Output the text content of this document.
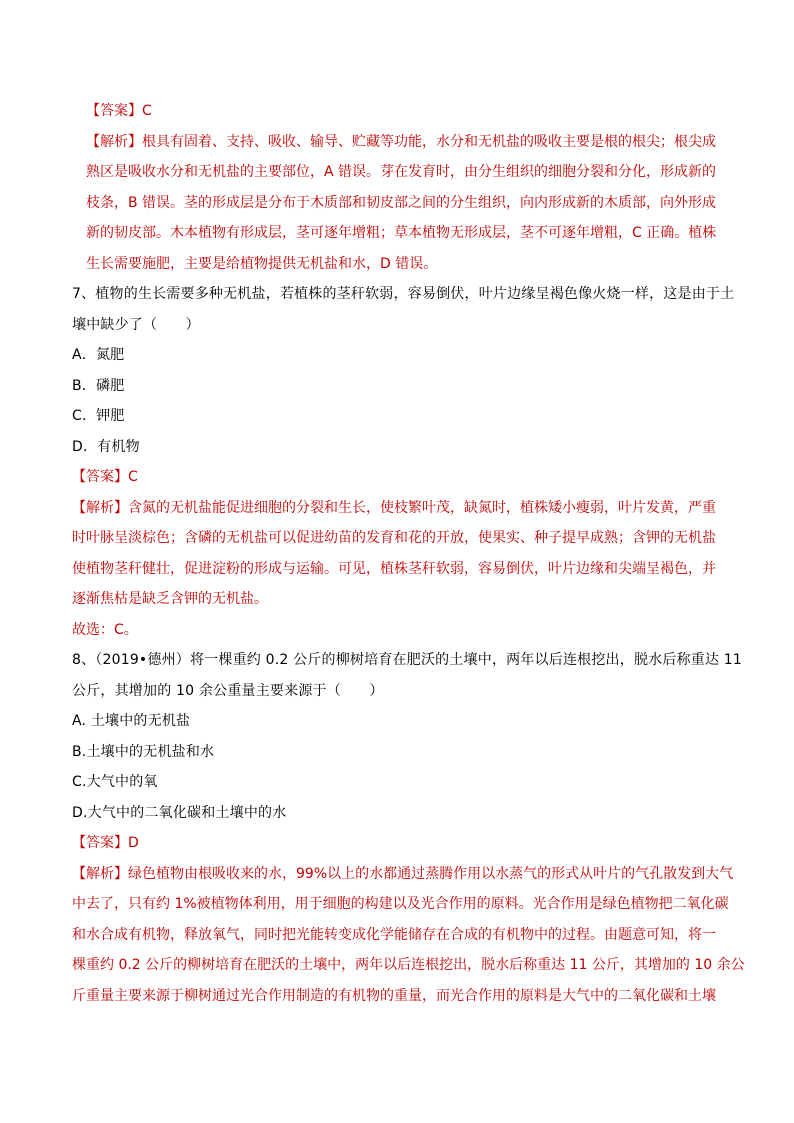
【答案】C
【解析】根具有固着、支持、吸收、输导、贮藏等功能，水分和无机盐的吸收主要是根的根尖；根尖成
熟区是吸收水分和无机盐的主要部位，A 错误。芽在发育时，由分生组织的细胞分裂和分化，形成新的
枝条，B 错误。茎的形成层是分布于木质部和韧皮部之间的分生组织，向内形成新的木质部，向外形成
新的韧皮部。木本植物有形成层，茎可逐年增粗；草本植物无形成层，茎不可逐年增粗，C 正确。植株
生长需要施肥，主要是给植物提供无机盐和水，D 错误。
7、植物的生长需要多种无机盐，若植株的茎秆软弱，容易倒伏，叶片边缘呈褐色像火烧一样，这是由于土
壤中缺少了（　　）
A．氮肥
B．磷肥
C．钾肥
D．有机物
【答案】C
【解析】含氮的无机盐能促进细胞的分裂和生长，使枝繁叶茂，缺氮时，植株矮小瘦弱，叶片发黄，严重
时叶脉呈淡棕色；含磷的无机盐可以促进幼苗的发育和花的开放，使果实、种子提早成熟；含钾的无机盐
使植物茎秆健壮，促进淀粉的形成与运输。可见，植株茎秆软弱，容易倒伏，叶片边缘和尖端呈褐色，并
逐渐焦枯是缺乏含钾的无机盐。
故选：C。
8、（2019•德州）将一棵重约 0.2 公斤的柳树培育在肥沃的土壤中，两年以后连根挖出，脱水后称重达 11
公斤，其增加的 10 余公重量主要来源于（　　）
A. 土壤中的无机盐
B.土壤中的无机盐和水
C.大气中的氧
D.大气中的二氧化碳和土壤中的水
【答案】D
【解析】绿色植物由根吸收来的水，99%以上的水都通过蒸腾作用以水蒸气的形式从叶片的气孔散发到大气
中去了，只有约 1%被植物体利用，用于细胞的构建以及光合作用的原料。光合作用是绿色植物把二氧化碳
和水合成有机物，释放氧气，同时把光能转变成化学能储存在合成的有机物中的过程。由题意可知，将一
棵重约 0.2 公斤的柳树培育在肥沃的土壤中，两年以后连根挖出，脱水后称重达 11 公斤，其增加的 10 余公
斤重量主要来源于柳树通过光合作用制造的有机物的重量，而光合作用的原料是大气中的二氧化碳和土壤
